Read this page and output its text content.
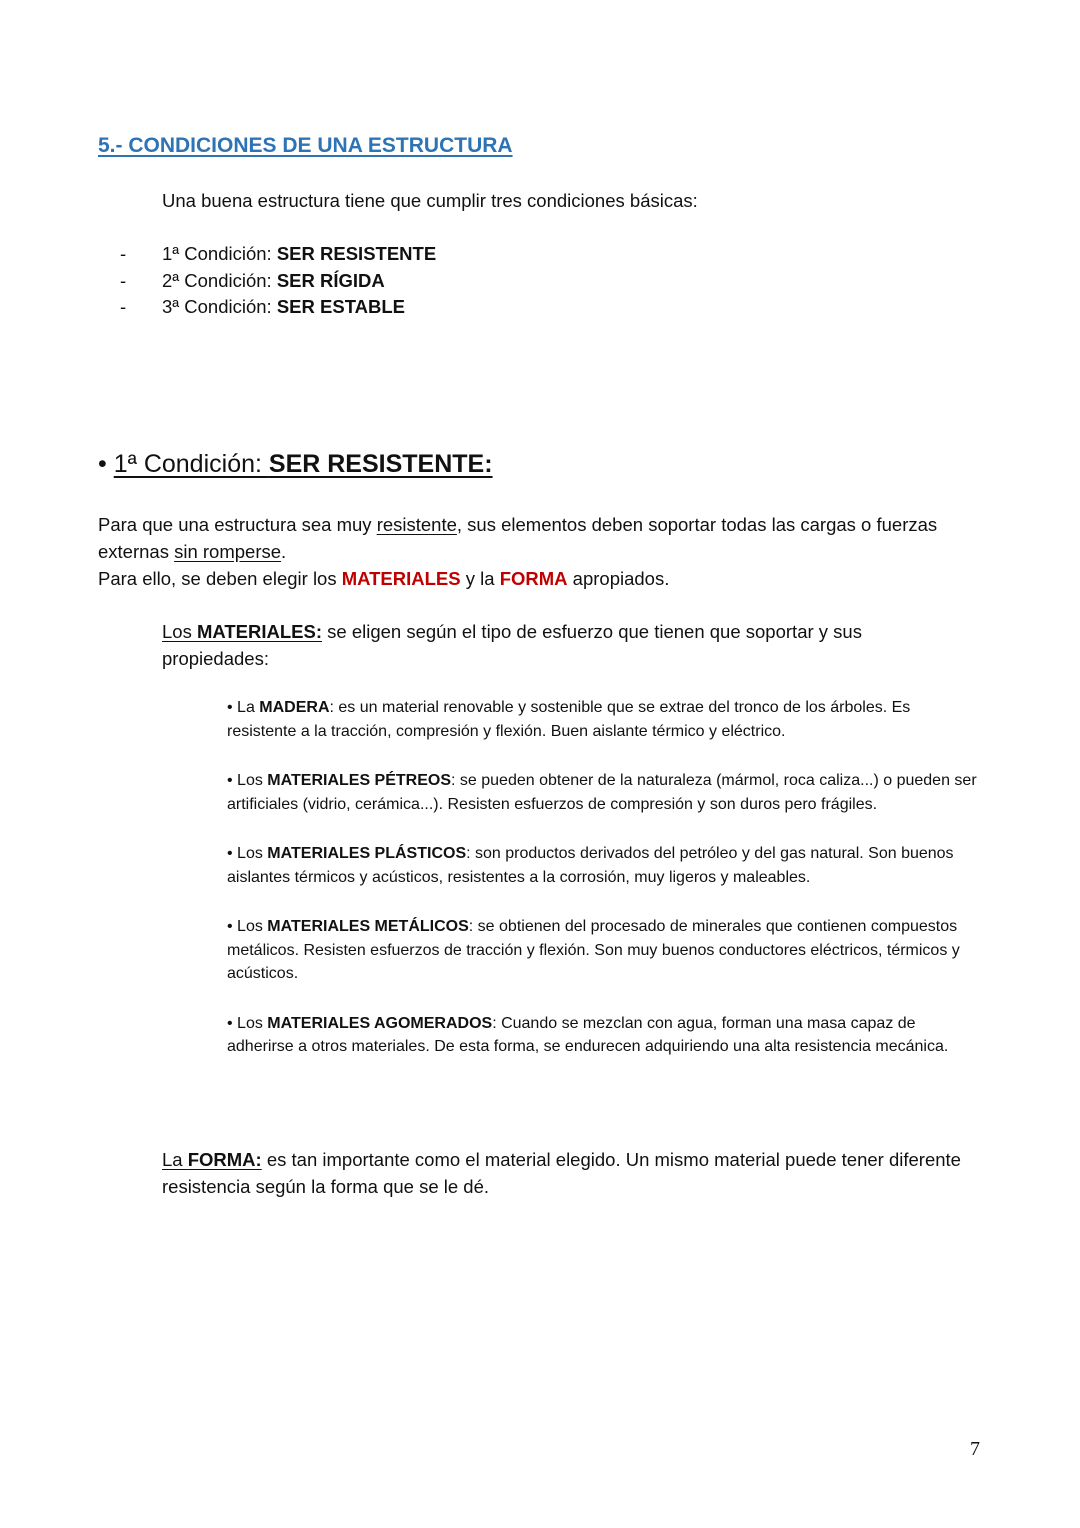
5.- CONDICIONES DE UNA ESTRUCTURA
Una buena estructura tiene que cumplir tres condiciones básicas:
- 1ª Condición: SER RESISTENTE
- 2ª Condición: SER RÍGIDA
- 3ª Condición: SER ESTABLE
• 1ª Condición: SER RESISTENTE:
Para que una estructura sea muy resistente, sus elementos deben soportar todas las cargas o fuerzas externas sin romperse.
Para ello, se deben elegir los MATERIALES y la FORMA apropiados.
Los MATERIALES: se eligen según el tipo de esfuerzo que tienen que soportar y sus propiedades:
• La MADERA: es un material renovable y sostenible que se extrae del tronco de los árboles. Es resistente a la tracción, compresión y flexión. Buen aislante térmico y eléctrico.
• Los MATERIALES PÉTREOS: se pueden obtener de la naturaleza (mármol, roca caliza...) o pueden ser artificiales (vidrio, cerámica...). Resisten esfuerzos de compresión y son duros pero frágiles.
• Los MATERIALES PLÁSTICOS: son productos derivados del petróleo y del gas natural. Son buenos aislantes térmicos y acústicos, resistentes a la corrosión, muy ligeros y maleables.
• Los MATERIALES METÁLICOS: se obtienen del procesado de minerales que contienen compuestos metálicos. Resisten esfuerzos de tracción y flexión. Son muy buenos conductores eléctricos, térmicos y acústicos.
• Los MATERIALES AGOMERADOS: Cuando se mezclan con agua, forman una masa capaz de adherirse a otros materiales. De esta forma, se endurecen adquiriendo una alta resistencia mecánica.
La FORMA: es tan importante como el material elegido. Un mismo material puede tener diferente resistencia según la forma que se le dé.
7
